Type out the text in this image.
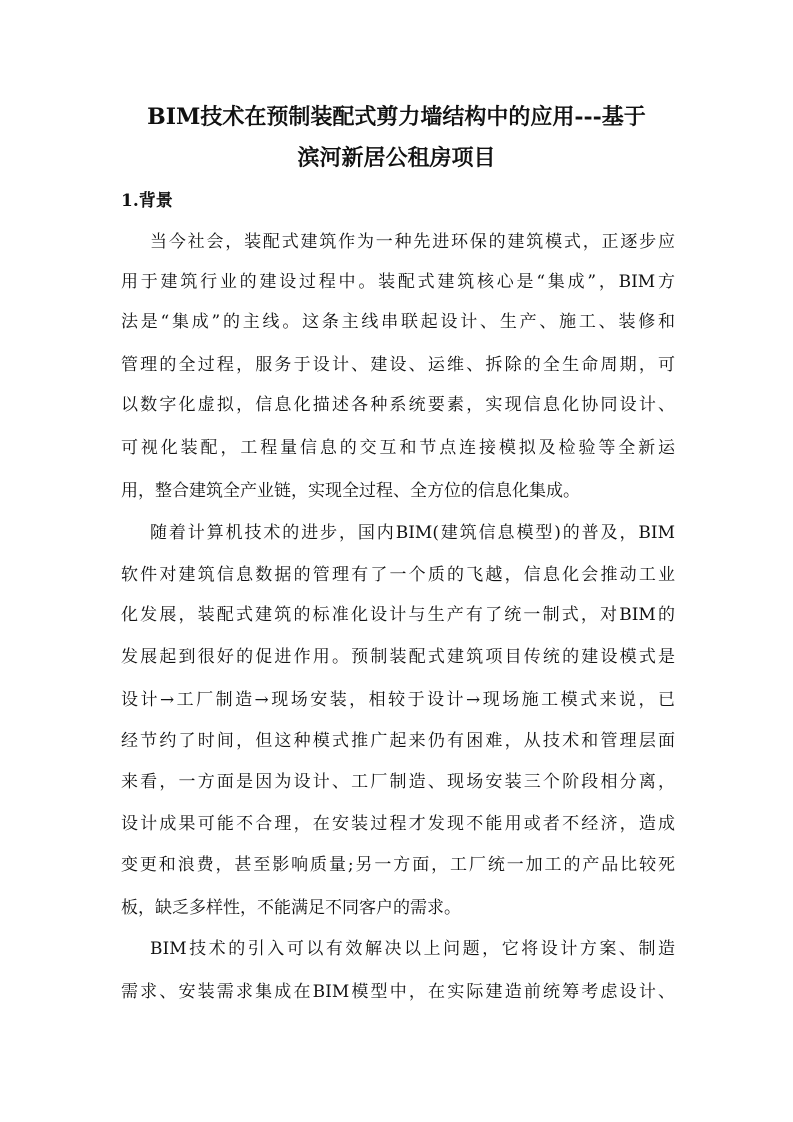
BIM技术在预制装配式剪力墙结构中的应用---基于
滨河新居公租房项目
1.背景
当今社会，装配式建筑作为一种先进环保的建筑模式，正逐步应
用于建筑行业的建设过程中。装配式建筑核心是“集成”，BIM方
法是“集成”的主线。这条主线串联起设计、生产、施工、装修和
管理的全过程，服务于设计、建设、运维、拆除的全生命周期，可
以数字化虚拟，信息化描述各种系统要素，实现信息化协同设计、
可视化装配，工程量信息的交互和节点连接模拟及检验等全新运
用，整合建筑全产业链，实现全过程、全方位的信息化集成。
随着计算机技术的进步，国内BIM(建筑信息模型)的普及，BIM
软件对建筑信息数据的管理有了一个质的飞越，信息化会推动工业
化发展，装配式建筑的标准化设计与生产有了统一制式，对BIM的
发展起到很好的促进作用。预制装配式建筑项目传统的建设模式是
设计→工厂制造→现场安装，相较于设计→现场施工模式来说，已
经节约了时间，但这种模式推广起来仍有困难，从技术和管理层面
来看，一方面是因为设计、工厂制造、现场安装三个阶段相分离，
设计成果可能不合理，在安装过程才发现不能用或者不经济，造成
变更和浪费，甚至影响质量;另一方面，工厂统一加工的产品比较死
板，缺乏多样性，不能满足不同客户的需求。
BIM技术的引入可以有效解决以上问题，它将设计方案、制造
需求、安装需求集成在BIM模型中，在实际建造前统筹考虑设计、
